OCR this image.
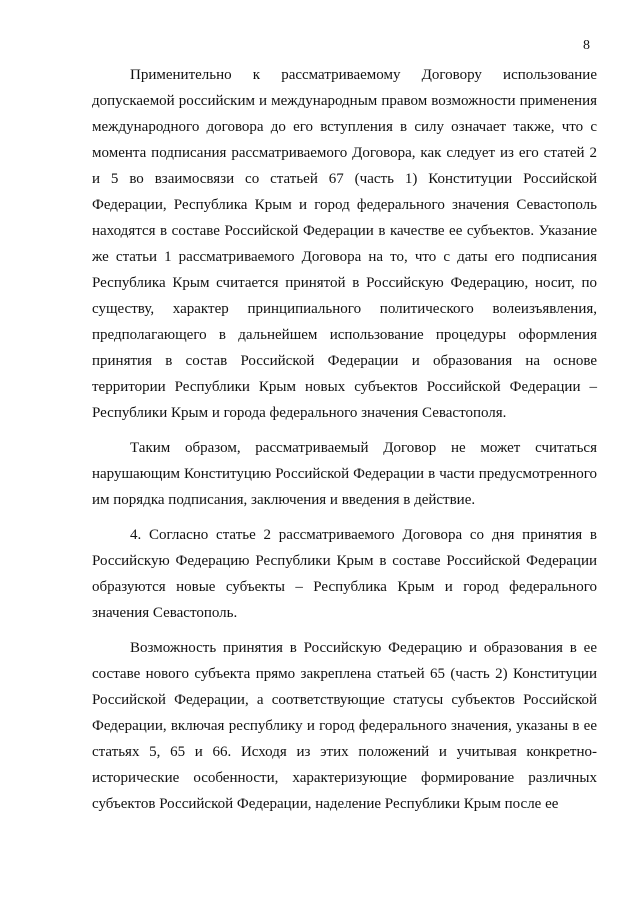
8

Применительно к рассматриваемому Договору использование допускаемой российским и международным правом возможности применения международного договора до его вступления в силу означает также, что с момента подписания рассматриваемого Договора, как следует из его статей 2 и 5 во взаимосвязи со статьей 67 (часть 1) Конституции Российской Федерации, Республика Крым и город федерального значения Севастополь находятся в составе Российской Федерации в качестве ее субъектов. Указание же статьи 1 рассматриваемого Договора на то, что с даты его подписания Республика Крым считается принятой в Российскую Федерацию, носит, по существу, характер принципиального политического волеизъявления, предполагающего в дальнейшем использование процедуры оформления принятия в состав Российской Федерации и образования на основе территории Республики Крым новых субъектов Российской Федерации – Республики Крым и города федерального значения Севастополя.

Таким образом, рассматриваемый Договор не может считаться нарушающим Конституцию Российской Федерации в части предусмотренного им порядка подписания, заключения и введения в действие.

4. Согласно статье 2 рассматриваемого Договора со дня принятия в Российскую Федерацию Республики Крым в составе Российской Федерации образуются новые субъекты – Республика Крым и город федерального значения Севастополь.

Возможность принятия в Российскую Федерацию и образования в ее составе нового субъекта прямо закреплена статьей 65 (часть 2) Конституции Российской Федерации, а соответствующие статусы субъектов Российской Федерации, включая республику и город федерального значения, указаны в ее статьях 5, 65 и 66. Исходя из этих положений и учитывая конкретно-исторические особенности, характеризующие формирование различных субъектов Российской Федерации, наделение Республики Крым после ее
